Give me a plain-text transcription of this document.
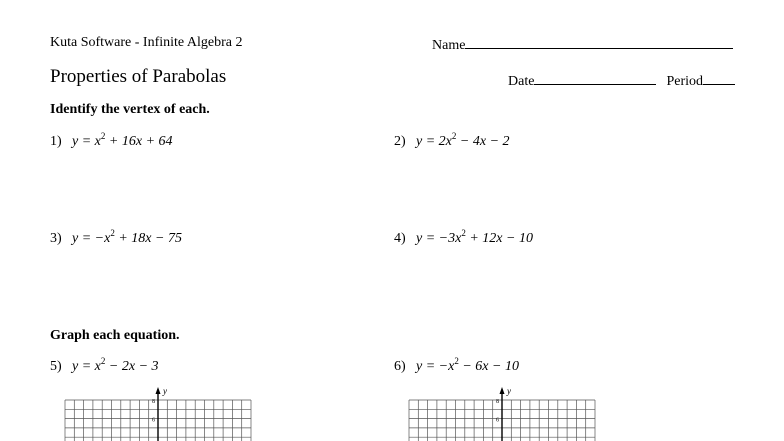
Kuta Software - Infinite Algebra 2	Name
Properties of Parabolas	Date	Period
Identify the vertex of each.
1) $y = x^2 + 16x + 64$	2) $y = 2x^2 - 4x - 2$
3) $y = -x^2 + 18x - 75$	4) $y = -3x^2 + 12x - 10$
Graph each equation.
5) $y = x^2 - 2x - 3$	6) $y = -x^2 - 6x - 10$
y
8
6
y
8
6
